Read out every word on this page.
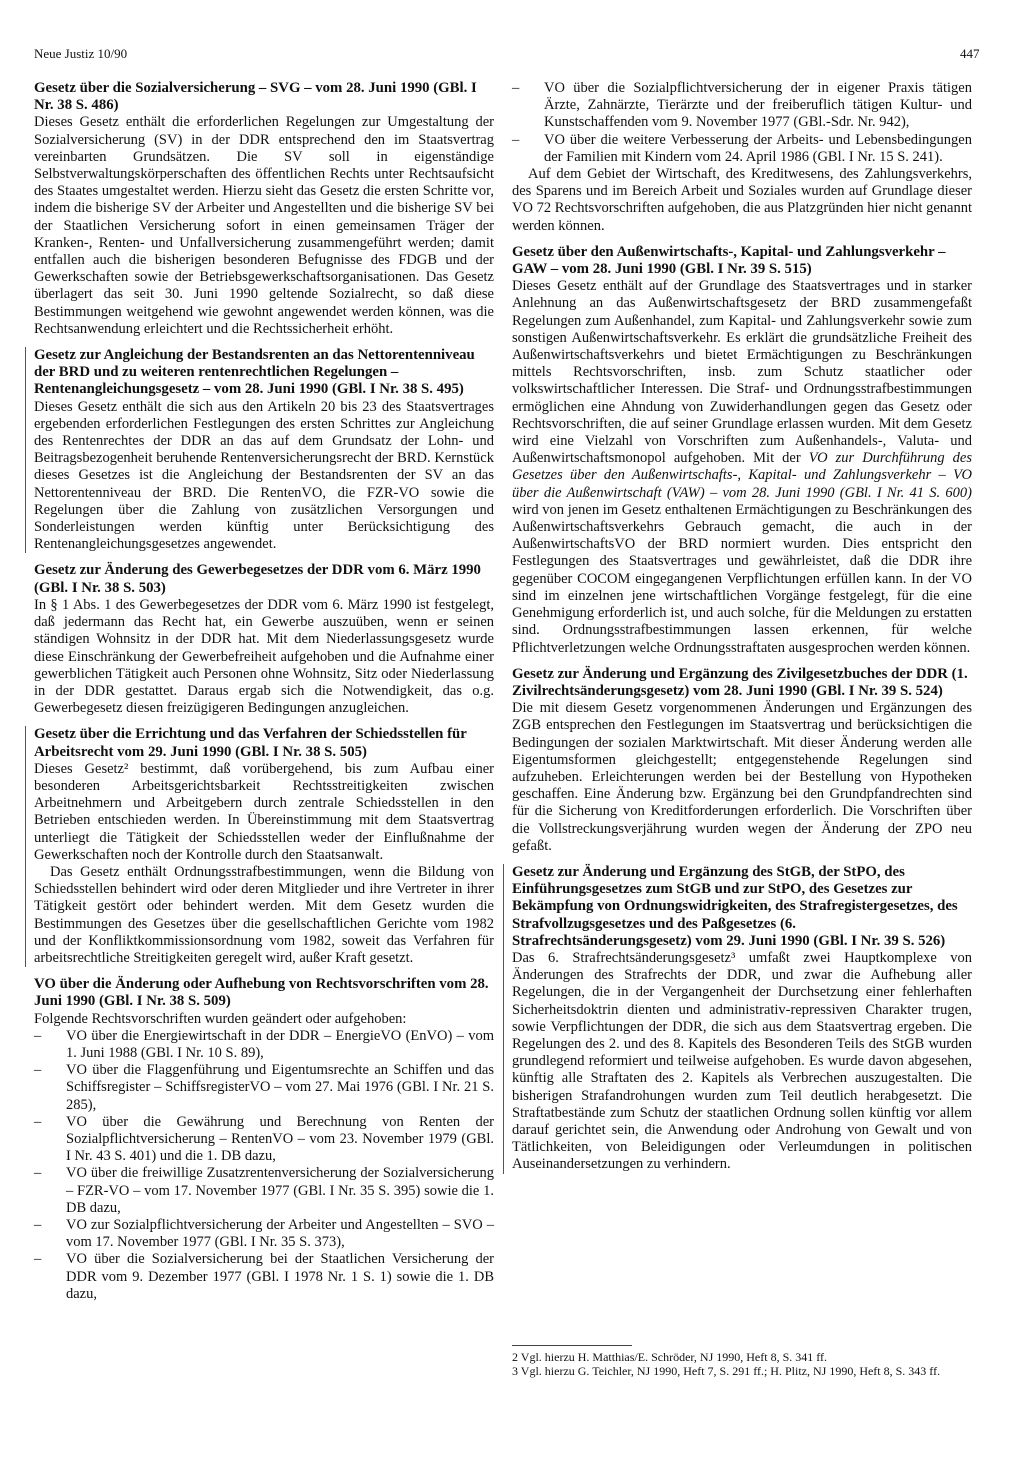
Neue Justiz 10/90	447
Gesetz über die Sozialversicherung – SVG – vom 28. Juni 1990 (GBl. I Nr. 38 S. 486)

Dieses Gesetz enthält die erforderlichen Regelungen zur Umgestaltung der Sozialversicherung (SV) in der DDR entsprechend den im Staatsvertrag vereinbarten Grundsätzen. Die SV soll in eigenständige Selbstverwaltungskörperschaften des öffentlichen Rechts unter Rechtsaufsicht des Staates umgestaltet werden. Hierzu sieht das Gesetz die ersten Schritte vor, indem die bisherige SV der Arbeiter und Angestellten und die bisherige SV bei der Staatlichen Versicherung sofort in einen gemeinsamen Träger der Kranken-, Renten- und Unfallversicherung zusammengeführt werden; damit entfallen auch die bisherigen besonderen Befugnisse des FDGB und der Gewerkschaften sowie der Betriebsgewerkschaftsorganisationen. Das Gesetz überlagert das seit 30. Juni 1990 geltende Sozialrecht, so daß diese Bestimmungen weitgehend wie gewohnt angewendet werden können, was die Rechtsanwendung erleichtert und die Rechtssicherheit erhöht.

Gesetz zur Angleichung der Bestandsrenten an das Nettorentenniveau der BRD und zu weiteren rentenrechtlichen Regelungen – Rentenangleichungsgesetz – vom 28. Juni 1990 (GBl. I Nr. 38 S. 495)

Dieses Gesetz enthält die sich aus den Artikeln 20 bis 23 des Staatsvertrages ergebenden erforderlichen Festlegungen des ersten Schrittes zur Angleichung des Rentenrechtes der DDR an das auf dem Grundsatz der Lohn- und Beitragsbezogenheit beruhende Rentenversicherungsrecht der BRD. Kernstück dieses Gesetzes ist die Angleichung der Bestandsrenten der SV an das Nettorentenniveau der BRD. Die RentenVO, die FZR-VO sowie die Regelungen über die Zahlung von zusätzlichen Versorgungen und Sonderleistungen werden künftig unter Berücksichtigung des Rentenangleichungsgesetzes angewendet.

Gesetz zur Änderung des Gewerbegesetzes der DDR vom 6. März 1990 (GBl. I Nr. 38 S. 503)

In § 1 Abs. 1 des Gewerbegesetzes der DDR vom 6. März 1990 ist festgelegt, daß jedermann das Recht hat, ein Gewerbe auszuüben, wenn er seinen ständigen Wohnsitz in der DDR hat. Mit dem Niederlassungsgesetz wurde diese Einschränkung der Gewerbefreiheit aufgehoben und die Aufnahme einer gewerblichen Tätigkeit auch Personen ohne Wohnsitz, Sitz oder Niederlassung in der DDR gestattet. Daraus ergab sich die Notwendigkeit, das o.g. Gewerbegesetz diesen freizügigeren Bedingungen anzugleichen.

Gesetz über die Errichtung und das Verfahren der Schiedsstellen für Arbeitsrecht vom 29. Juni 1990 (GBl. I Nr. 38 S. 505)

Dieses Gesetz² bestimmt, daß vorübergehend, bis zum Aufbau einer besonderen Arbeitsgerichtsbarkeit Rechtsstreitigkeiten zwischen Arbeitnehmern und Arbeitgebern durch zentrale Schiedsstellen in den Betrieben entschieden werden. In Übereinstimmung mit dem Staatsvertrag unterliegt die Tätigkeit der Schiedsstellen weder der Einflußnahme der Gewerkschaften noch der Kontrolle durch den Staatsanwalt.

Das Gesetz enthält Ordnungsstrafbestimmungen, wenn die Bildung von Schiedsstellen behindert wird oder deren Mitglieder und ihre Vertreter in ihrer Tätigkeit gestört oder behindert werden. Mit dem Gesetz wurden die Bestimmungen des Gesetzes über die gesellschaftlichen Gerichte vom 1982 und der Konfliktkommissionsordnung vom 1982, soweit das Verfahren für arbeitsrechtliche Streitigkeiten geregelt wird, außer Kraft gesetzt.

VO über die Änderung oder Aufhebung von Rechtsvorschriften vom 28. Juni 1990 (GBl. I Nr. 38 S. 509)

Folgende Rechtsvorschriften wurden geändert oder aufgehoben:

– VO über die Energiewirtschaft in der DDR – EnergieVO (EnVO) – vom 1. Juni 1988 (GBl. I Nr. 10 S. 89),
– VO über die Flaggenführung und Eigentumsrechte an Schiffen und das Schiffsregister – SchiffsregisterVO – vom 27. Mai 1976 (GBl. I Nr. 21 S. 285),
– VO über die Gewährung und Berechnung von Renten der Sozialpflichtversicherung – RentenVO – vom 23. November 1979 (GBl. I Nr. 43 S. 401) und die 1. DB dazu,
– VO über die freiwillige Zusatzrentenversicherung der Sozialversicherung – FZR-VO – vom 17. November 1977 (GBl. I Nr. 35 S. 395) sowie die 1. DB dazu,
– VO zur Sozialpflichtversicherung der Arbeiter und Angestellten – SVO – vom 17. November 1977 (GBl. I Nr. 35 S. 373),
– VO über die Sozialversicherung bei der Staatlichen Versicherung der DDR vom 9. Dezember 1977 (GBl. I 1978 Nr. 1 S. 1) sowie die 1. DB dazu,
– VO über die Sozialpflichtversicherung der in eigener Praxis tätigen Ärzte, Zahnärzte, Tierärzte und der freiberuflich tätigen Kultur- und Kunstschaffenden vom 9. November 1977 (GBl.-Sdr. Nr. 942),
– VO über die weitere Verbesserung der Arbeits- und Lebensbedingungen der Familien mit Kindern vom 24. April 1986 (GBl. I Nr. 15 S. 241).

Auf dem Gebiet der Wirtschaft, des Kreditwesens, des Zahlungsverkehrs, des Sparens und im Bereich Arbeit und Soziales wurden auf Grundlage dieser VO 72 Rechtsvorschriften aufgehoben, die aus Platzgründen hier nicht genannt werden können.

Gesetz über den Außenwirtschafts-, Kapital- und Zahlungsverkehr – GAW – vom 28. Juni 1990 (GBl. I Nr. 39 S. 515)

Dieses Gesetz enthält auf der Grundlage des Staatsvertrages und in starker Anlehnung an das Außenwirtschaftsgesetz der BRD zusammengefaßt Regelungen zum Außenhandel, zum Kapital- und Zahlungsverkehr sowie zum sonstigen Außenwirtschaftsverkehr. Es erklärt die grundsätzliche Freiheit des Außenwirtschaftsverkehrs und bietet Ermächtigungen zu Beschränkungen mittels Rechtsvorschriften, insb. zum Schutz staatlicher oder volkswirtschaftlicher Interessen. Die Straf- und Ordnungsstrafbestimmungen ermöglichen eine Ahndung von Zuwiderhandlungen gegen das Gesetz oder Rechtsvorschriften, die auf seiner Grundlage erlassen wurden. Mit dem Gesetz wird eine Vielzahl von Vorschriften zum Außenhandels-, Valuta- und Außenwirtschaftsmonopol aufgehoben. Mit der VO zur Durchführung des Gesetzes über den Außenwirtschafts-, Kapital- und Zahlungsverkehr – VO über die Außenwirtschaft (VAW) – vom 28. Juni 1990 (GBl. I Nr. 41 S. 600) wird von jenen im Gesetz enthaltenen Ermächtigungen zu Beschränkungen des Außenwirtschaftsverkehrs Gebrauch gemacht, die auch in der AußenwirtschaftsVO der BRD normiert wurden. Dies entspricht den Festlegungen des Staatsvertrages und gewährleistet, daß die DDR ihre gegenüber COCOM eingegangenen Verpflichtungen erfüllen kann. In der VO sind im einzelnen jene wirtschaftlichen Vorgänge festgelegt, für die eine Genehmigung erforderlich ist, und auch solche, für die Meldungen zu erstatten sind. Ordnungsstrafbestimmungen lassen erkennen, für welche Pflichtverletzungen welche Ordnungsstraftaten ausgesprochen werden können.

Gesetz zur Änderung und Ergänzung des Zivilgesetzbuches der DDR (1. Zivilrechtsänderungsgesetz) vom 28. Juni 1990 (GBl. I Nr. 39 S. 524)

Die mit diesem Gesetz vorgenommenen Änderungen und Ergänzungen des ZGB entsprechen den Festlegungen im Staatsvertrag und berücksichtigen die Bedingungen der sozialen Marktwirtschaft. Mit dieser Änderung werden alle Eigentumsformen gleichgestellt; entgegenstehende Regelungen sind aufzuheben. Erleichterungen werden bei der Bestellung von Hypotheken geschaffen. Eine Änderung bzw. Ergänzung bei den Grundpfandrechten sind für die Sicherung von Kreditforderungen erforderlich. Die Vorschriften über die Vollstreckungsverjährung wurden wegen der Änderung der ZPO neu gefaßt.

Gesetz zur Änderung und Ergänzung des StGB, der StPO, des Einführungsgesetzes zum StGB und zur StPO, des Gesetzes zur Bekämpfung von Ordnungswidrigkeiten, des Strafregistergesetzes, des Strafvollzugsgesetzes und des Paßgesetzes (6. Strafrechtsänderungsgesetz) vom 29. Juni 1990 (GBl. I Nr. 39 S. 526)

Das 6. Strafrechtsänderungsgesetz³ umfaßt zwei Hauptkomplexe von Änderungen des Strafrechts der DDR, und zwar die Aufhebung aller Regelungen, die in der Vergangenheit der Durchsetzung einer fehlerhaften Sicherheitsdoktrin dienten und administrativ-repressiven Charakter trugen, sowie Verpflichtungen der DDR, die sich aus dem Staatsvertrag ergeben. Die Regelungen des 2. und des 8. Kapitels des Besonderen Teils des StGB wurden grundlegend reformiert und teilweise aufgehoben. Es wurde davon abgesehen, künftig alle Straftaten des 2. Kapitels als Verbrechen auszugestalten. Die bisherigen Strafandrohungen wurden zum Teil deutlich herabgesetzt. Die Straftatbestände zum Schutz der staatlichen Ordnung sollen künftig vor allem darauf gerichtet sein, die Anwendung oder Androhung von Gewalt und von Tätlichkeiten, von Beleidigungen oder Verleumdungen in politischen Auseinandersetzungen zu verhindern.

2 Vgl. hierzu H. Matthias/E. Schröder, NJ 1990, Heft 8, S. 341 ff.

3 Vgl. hierzu G. Teichler, NJ 1990, Heft 7, S. 291 ff.; H. Plitz, NJ 1990, Heft 8, S. 343 ff.
